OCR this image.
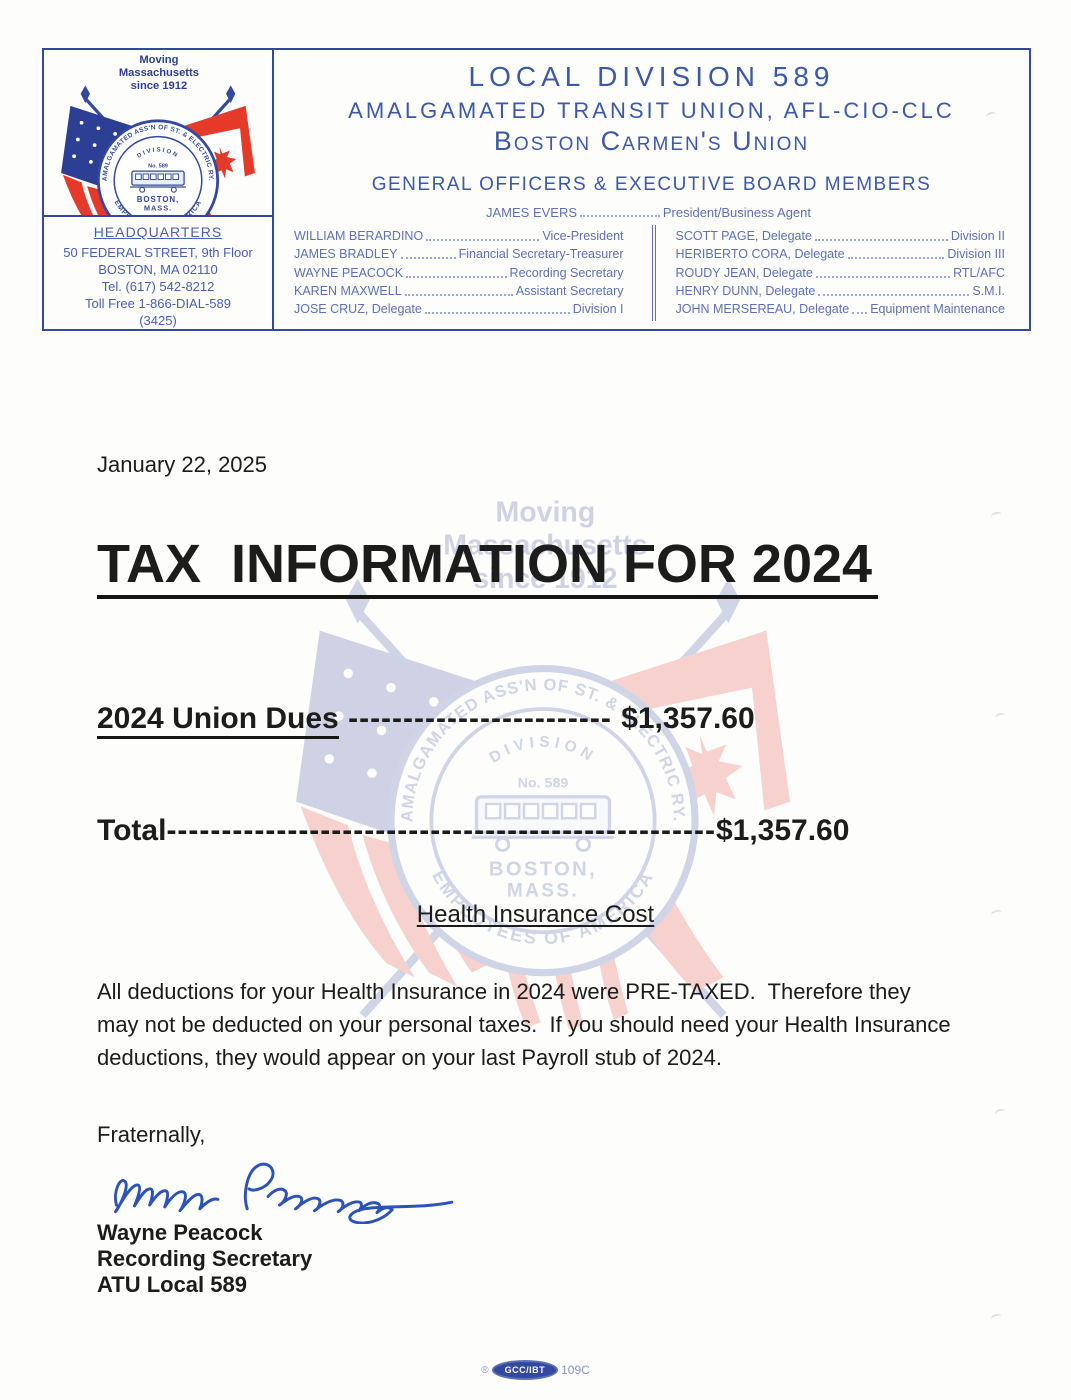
HEADQUARTERS
50 FEDERAL STREET, 9th Floor
BOSTON, MA 02110
Tel. (617) 542-8212
Toll Free 1-866-DIAL-589
(3425)
LOCAL DIVISION 589
AMALGAMATED TRANSIT UNION, AFL-CIO-CLC
Boston Carmen's Union
GENERAL OFFICERS & EXECUTIVE BOARD MEMBERS
JAMES EVERS	President/Business Agent
WILLIAM BERARDINO	Vice-President
JAMES BRADLEY	Financial Secretary-Treasurer
WAYNE PEACOCK	Recording Secretary
KAREN MAXWELL	Assistant Secretary
JOSE CRUZ, Delegate	Division I
SCOTT PAGE, Delegate	Division II
HERIBERTO CORA, Delegate	Division III
ROUDY JEAN, Delegate	RTL/AFC
HENRY DUNN, Delegate	S.M.I.
JOHN MERSEREAU, Delegate Equipment Maintenance
January 22, 2025
TAX  INFORMATION FOR 2024
2024 Union Dues ------------------------ $1,357.60
Total--------------------------------------------------$1,357.60
Health Insurance Cost
All deductions for your Health Insurance in 2024 were PRE-TAXED.  Therefore they
may not be deducted on your personal taxes.  If you should need your Health Insurance
deductions, they would appear on your last Payroll stub of 2024.
Fraternally,
Wayne Peacock
Recording Secretary
ATU Local 589
®	GCC/IBT	109C
